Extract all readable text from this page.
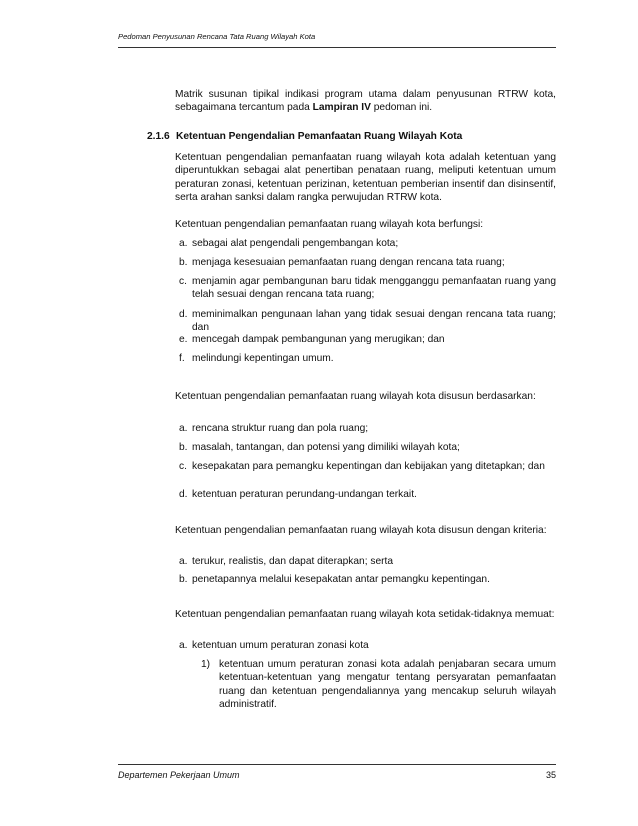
Pedoman Penyusunan Rencana Tata Ruang Wilayah Kota
Matrik susunan tipikal indikasi program utama dalam penyusunan RTRW kota, sebagaimana tercantum pada Lampiran IV pedoman ini.
2.1.6 Ketentuan Pengendalian Pemanfaatan Ruang Wilayah Kota
Ketentuan pengendalian pemanfaatan ruang wilayah kota adalah ketentuan yang diperuntukkan sebagai alat penertiban penataan ruang, meliputi ketentuan umum peraturan zonasi, ketentuan perizinan, ketentuan pemberian insentif dan disinsentif, serta arahan sanksi dalam rangka perwujudan RTRW kota.
Ketentuan pengendalian pemanfaatan ruang wilayah kota berfungsi:
a. sebagai alat pengendali pengembangan kota;
b. menjaga kesesuaian pemanfaatan ruang dengan rencana tata ruang;
c. menjamin agar pembangunan baru tidak mengganggu pemanfaatan ruang yang telah sesuai dengan rencana tata ruang;
d. meminimalkan pengunaan lahan yang tidak sesuai dengan rencana tata ruang; dan
e. mencegah dampak pembangunan yang merugikan; dan
f. melindungi kepentingan umum.
Ketentuan pengendalian pemanfaatan ruang wilayah kota disusun berdasarkan:
a. rencana struktur ruang dan pola ruang;
b. masalah, tantangan, dan potensi yang dimiliki wilayah kota;
c. kesepakatan para pemangku kepentingan dan kebijakan yang ditetapkan; dan
d. ketentuan peraturan perundang-undangan terkait.
Ketentuan pengendalian pemanfaatan ruang wilayah kota disusun dengan kriteria:
a. terukur, realistis, dan dapat diterapkan; serta
b. penetapannya melalui kesepakatan antar pemangku kepentingan.
Ketentuan pengendalian pemanfaatan ruang wilayah kota setidak-tidaknya memuat:
a. ketentuan umum peraturan zonasi kota
1) ketentuan umum peraturan zonasi kota adalah penjabaran secara umum ketentuan-ketentuan yang mengatur tentang persyaratan pemanfaatan ruang dan ketentuan pengendaliannya yang mencakup seluruh wilayah administratif.
Departemen Pekerjaan Umum	35
